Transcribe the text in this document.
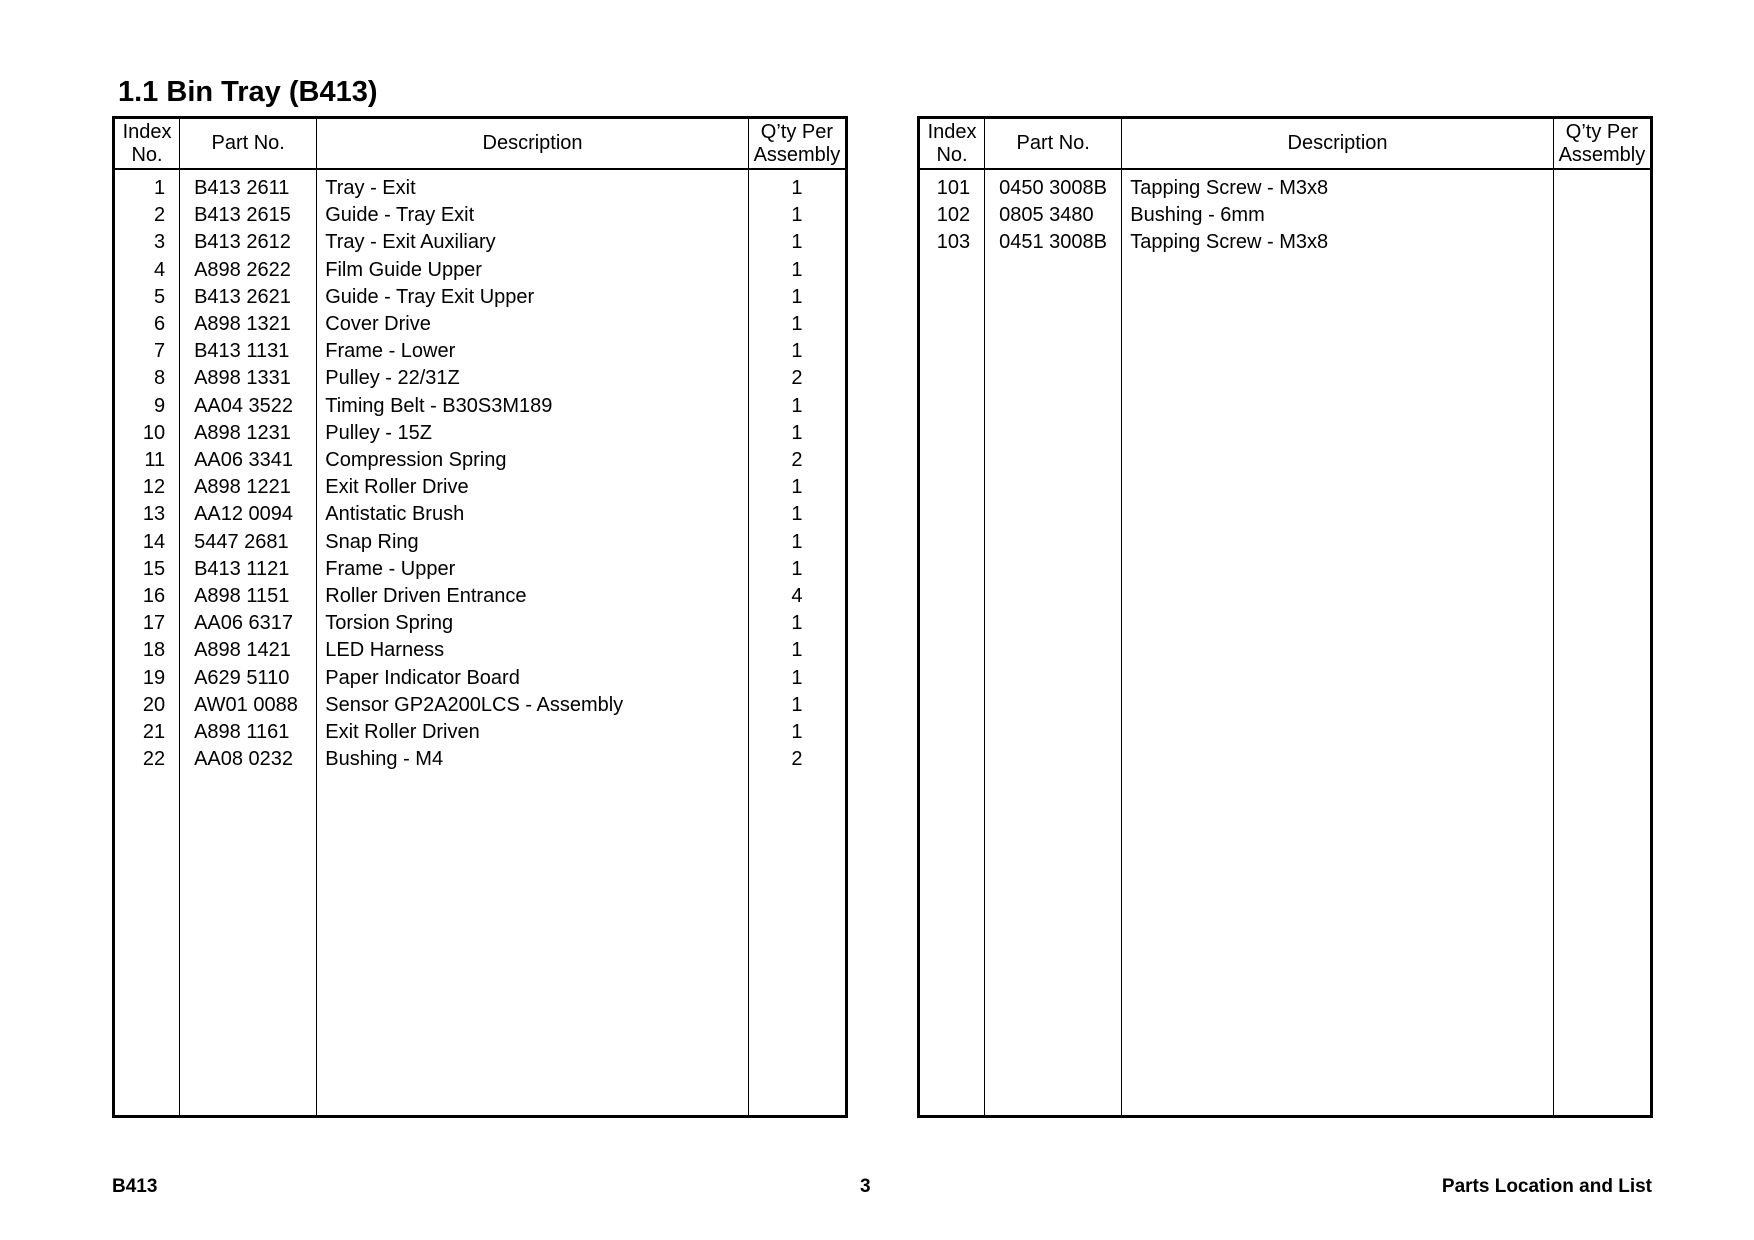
1.1 Bin Tray (B413)
Index
No.	Part No.	Description	Q’ty Per
Assembly
1	B413 2611	Tray - Exit	1
2	B413 2615	Guide - Tray Exit	1
3	B413 2612	Tray - Exit Auxiliary	1
4	A898 2622	Film Guide Upper	1
5	B413 2621	Guide - Tray Exit Upper	1
6	A898 1321	Cover Drive	1
7	B413 1131	Frame - Lower	1
8	A898 1331	Pulley - 22/31Z	2
9	AA04 3522	Timing Belt - B30S3M189	1
10	A898 1231	Pulley - 15Z	1
11	AA06 3341	Compression Spring	2
12	A898 1221	Exit Roller Drive	1
13	AA12 0094	Antistatic Brush	1
14	5447 2681	Snap Ring	1
15	B413 1121	Frame - Upper	1
16	A898 1151	Roller Driven Entrance	4
17	AA06 6317	Torsion Spring	1
18	A898 1421	LED Harness	1
19	A629 5110	Paper Indicator Board	1
20	AW01 0088	Sensor GP2A200LCS - Assembly	1
21	A898 1161	Exit Roller Driven	1
22	AA08 0232	Bushing - M4	2

Index
No.	Part No.	Description	Q’ty Per
Assembly
101	0450 3008B	Tapping Screw - M3x8	
102	0805 3480	Bushing - 6mm	
103	0451 3008B	Tapping Screw - M3x8	

B413	3	Parts Location and List
